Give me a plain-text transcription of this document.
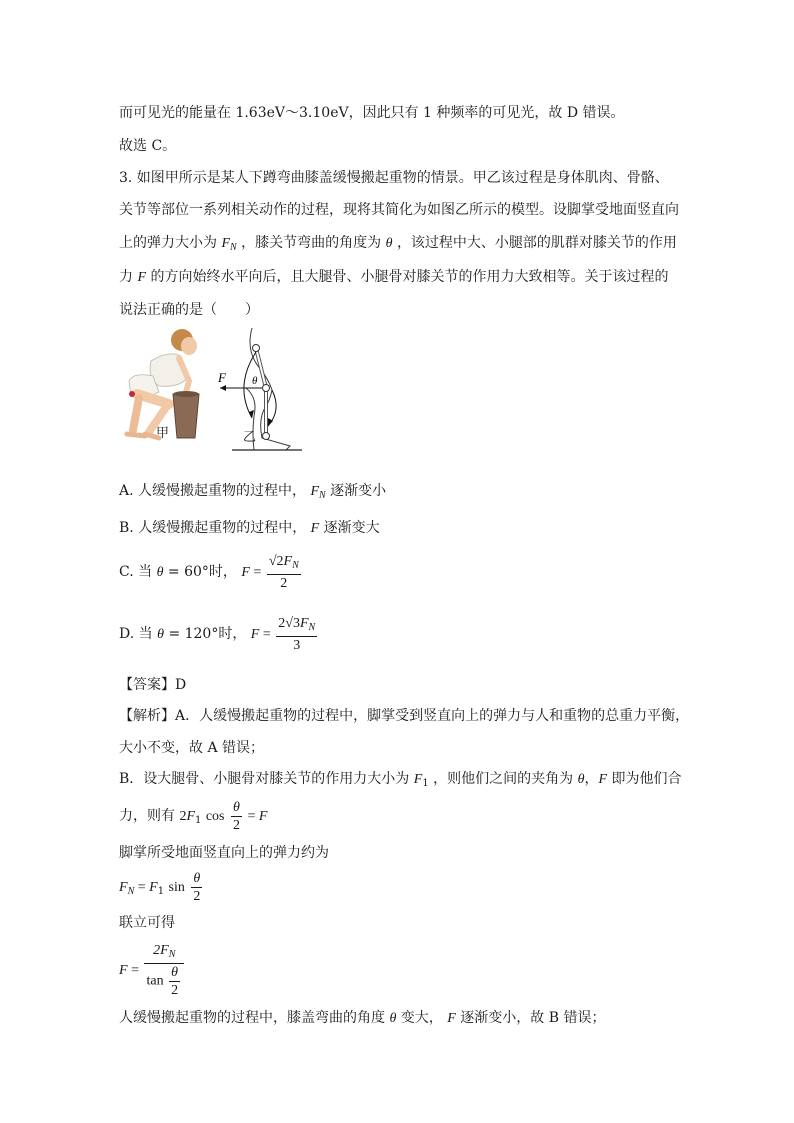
而可见光的能量在 1.63eV～3.10eV，因此只有 1 种频率的可见光，故 D 错误。
故选 C。
3. 如图甲所示是某人下蹲弯曲膝盖缓慢搬起重物的情景。甲乙该过程是身体肌肉、骨骼、
关节等部位一系列相关动作的过程，现将其简化为如图乙所示的模型。设脚掌受地面竖直向
上的弹力大小为 $F_N$ ，膝关节弯曲的角度为 θ ，该过程中大、小腿部的肌群对膝关节的作用
力 F 的方向始终水平向后，且大腿骨、小腿骨对膝关节的作用力大致相等。关于该过程的
说法正确的是（　　）
F θ
甲	乙
A. 人缓慢搬起重物的过程中， $F_N$ 逐渐变小
B. 人缓慢搬起重物的过程中， F 逐渐变大
C. 当 θ = 60°时， $F = \frac{√2F_N}{2}$
D. 当 θ = 120°时， $F = \frac{2√3F_N}{3}$
【答案】D
【解析】A．人缓慢搬起重物的过程中，脚掌受到竖直向上的弹力与人和重物的总重力平衡，
大小不变，故 A 错误；
B．设大腿骨、小腿骨对膝关节的作用力大小为 $F_1$ ，则他们之间的夹角为 θ，F 即为他们合
力，则有 $2F_1$ $\cos \frac{\theta}{2} = F$
脚掌所受地面竖直向上的弹力约为
$F_N = F_1$ $\sin \frac{\theta}{2}$
联立可得
$F = \frac{2F_N}{\tan \frac{\theta}{2}}$
人缓慢搬起重物的过程中，膝盖弯曲的角度 θ 变大， F 逐渐变小，故 B 错误；
